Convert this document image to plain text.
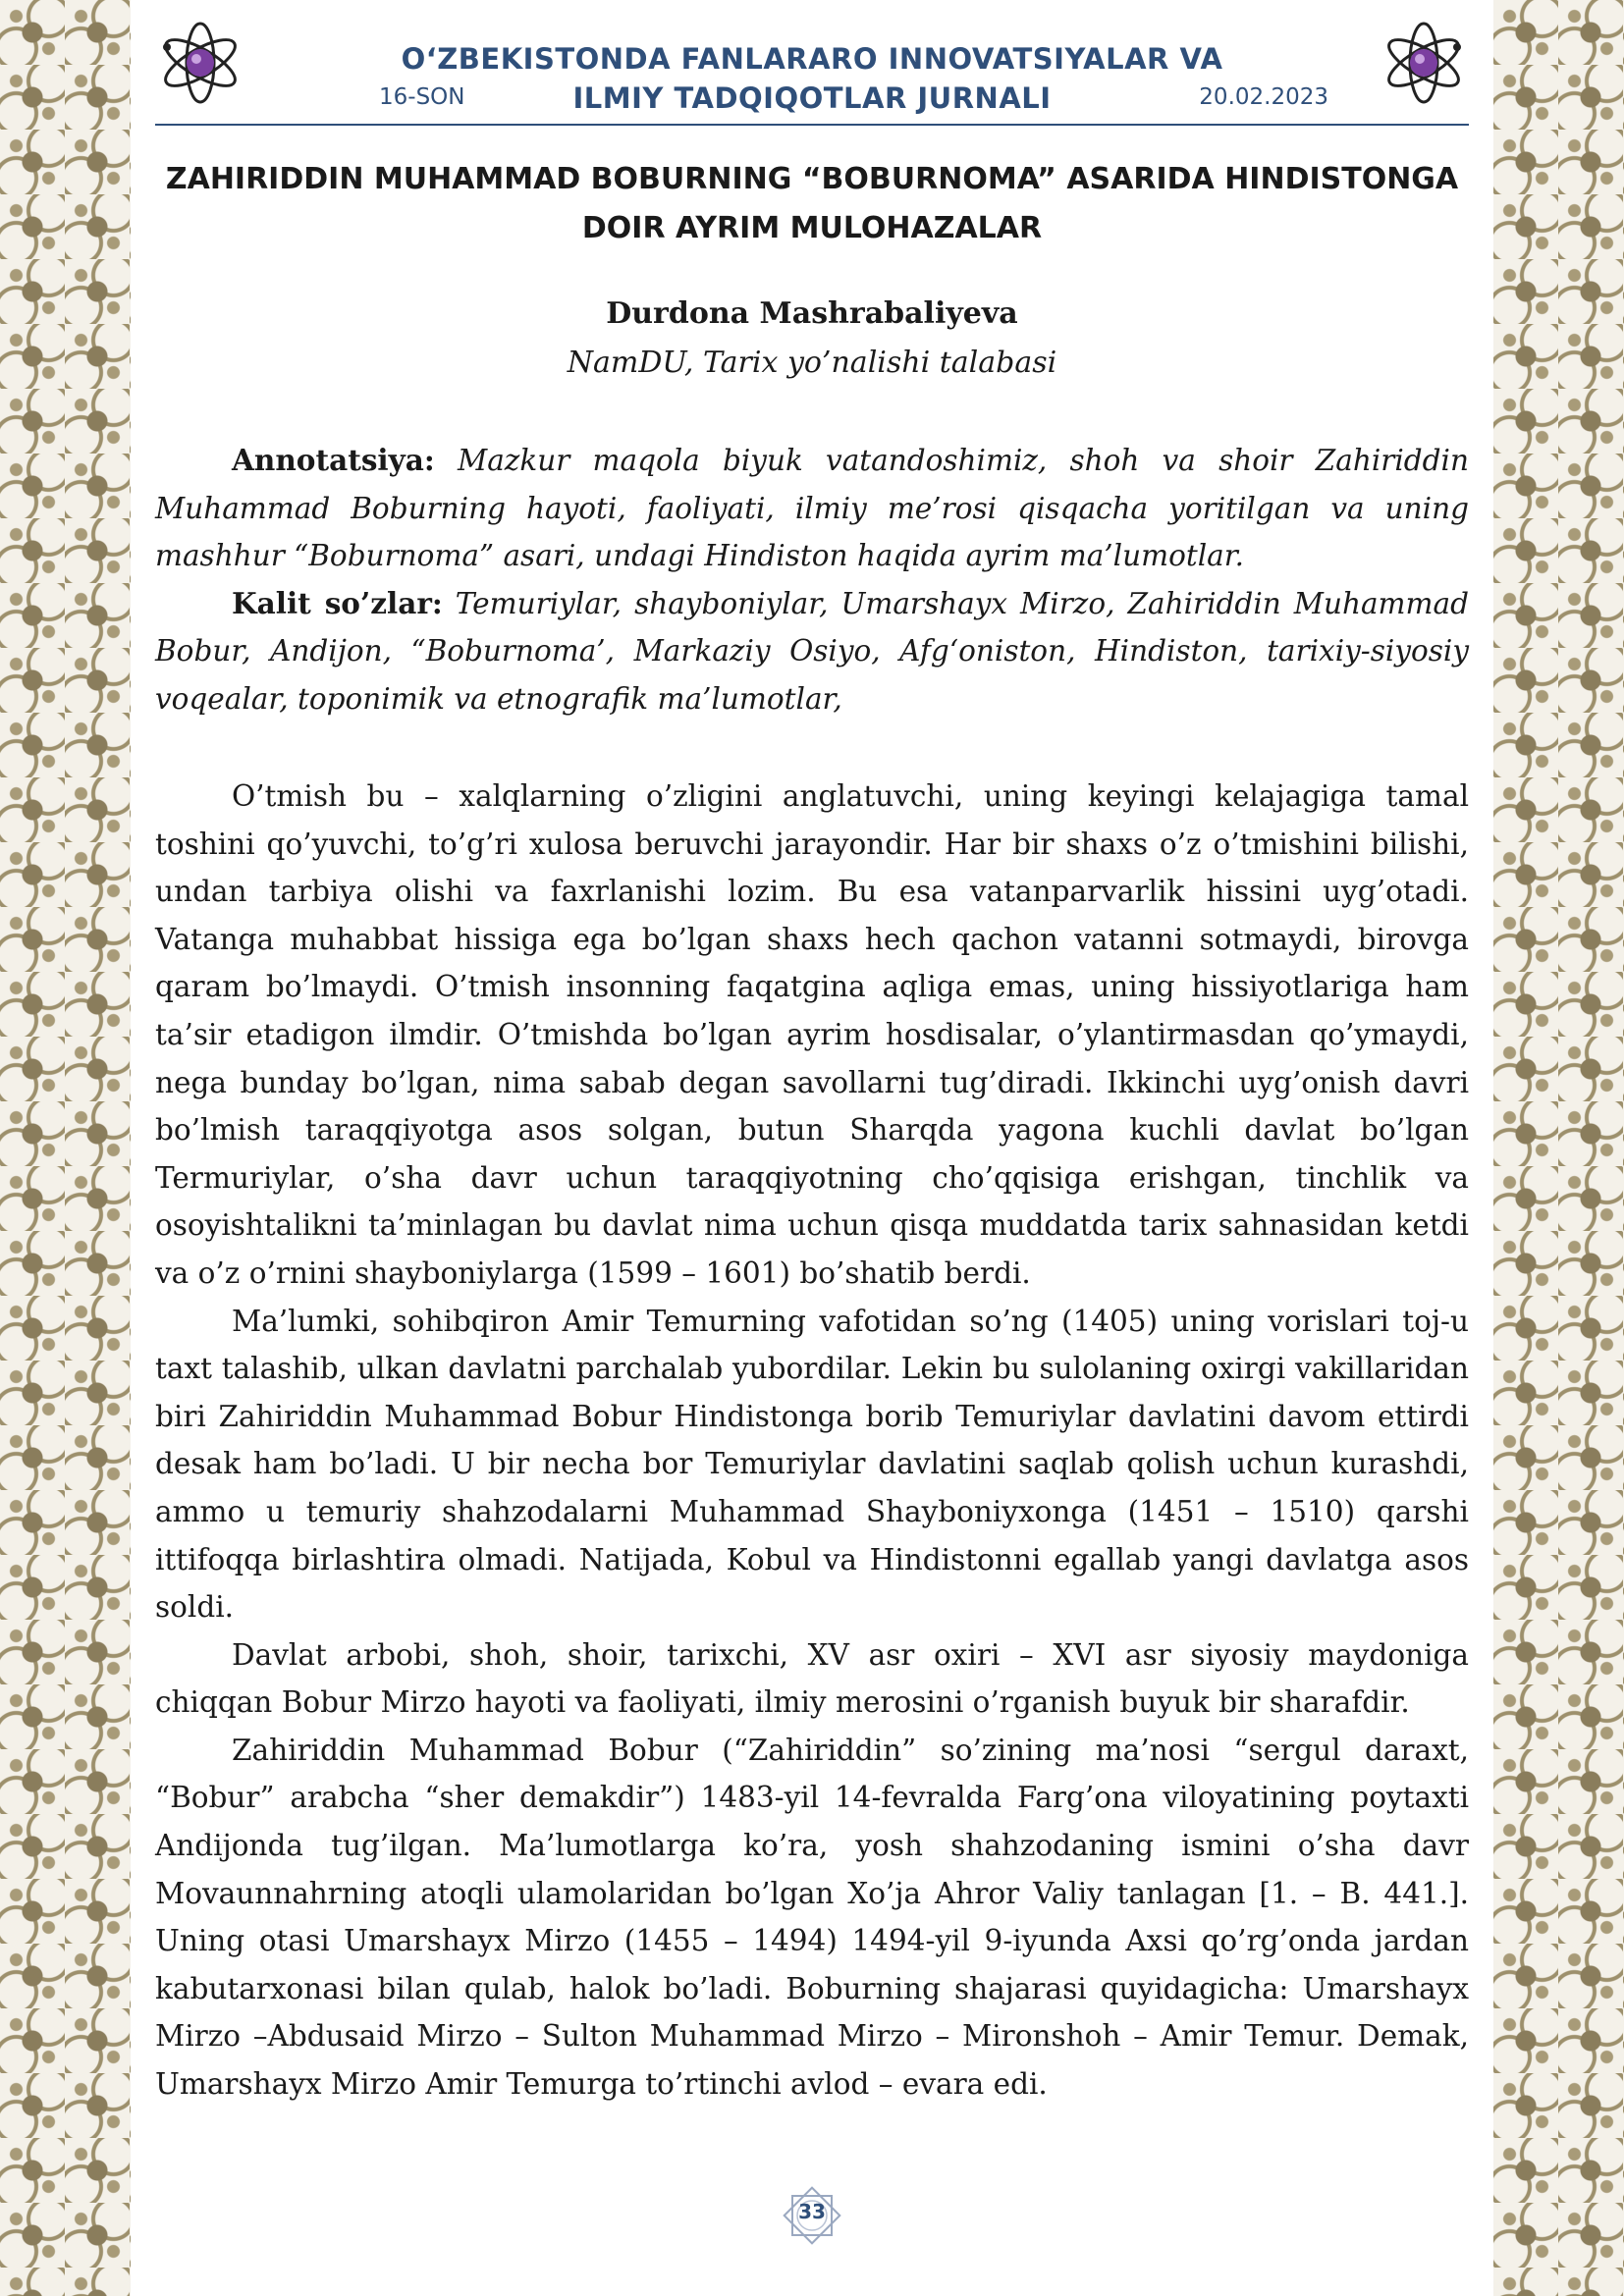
O‘ZBEKISTONDA FANLARARO INNOVATSIYALAR VA
ILMIY TADQIQOTLAR JURNALI
16-SON	20.02.2023
ZAHIRIDDIN MUHAMMAD BOBURNING “BOBURNOMA” ASARIDA HINDISTONGA DOIR AYRIM MULOHAZALAR
Durdona Mashrabaliyeva
NamDU, Tarix yo’nalishi talabasi

Annotatsiya: Mazkur maqola biyuk vatandoshimiz, shoh va shoir Zahiriddin Muhammad Boburning hayoti, faoliyati, ilmiy me’rosi qisqacha yoritilgan va uning mashhur “Boburnoma” asari, undagi Hindiston haqida ayrim ma’lumotlar.

Kalit so’zlar: Temuriylar, shayboniylar, Umarshayx Mirzo, Zahiriddin Muhammad Bobur, Andijon, “Boburnoma’, Markaziy Osiyo, Afg‘oniston, Hindiston, tarixiy-siyosiy voqealar, toponimik va etnografik ma’lumotlar,

O’tmish bu – xalqlarning o’zligini anglatuvchi, uning keyingi kelajagiga tamal toshini qo’yuvchi, to’g’ri xulosa beruvchi jarayondir. Har bir shaxs o’z o’tmishini bilishi, undan tarbiya olishi va faxrlanishi lozim. Bu esa vatanparvarlik hissini uyg’otadi. Vatanga muhabbat hissiga ega bo’lgan shaxs hech qachon vatanni sotmaydi, birovga qaram bo’lmaydi. O’tmish insonning faqatgina aqliga emas, uning hissiyotlariga ham ta’sir etadigon ilmdir. O’tmishda bo’lgan ayrim hosdisalar, o’ylantirmasdan qo’ymaydi, nega bunday bo’lgan, nima sabab degan savollarni tug’diradi. Ikkinchi uyg’onish davri bo’lmish taraqqiyotga asos solgan, butun Sharqda yagona kuchli davlat bo’lgan Termuriylar, o’sha davr uchun taraqqiyotning cho’qqisiga erishgan, tinchlik va osoyishtalikni ta’minlagan bu davlat nima uchun qisqa muddatda tarix sahnasidan ketdi va o’z o’rnini shayboniylarga (1599 – 1601) bo’shatib berdi.

Ma’lumki, sohibqiron Amir Temurning vafotidan so’ng (1405) uning vorislari toj-u taxt talashib, ulkan davlatni parchalab yubordilar. Lekin bu sulolaning oxirgi vakillaridan biri Zahiriddin Muhammad Bobur Hindistonga borib Temuriylar davlatini davom ettirdi desak ham bo’ladi. U bir necha bor Temuriylar davlatini saqlab qolish uchun kurashdi, ammo u temuriy shahzodalarni Muhammad Shayboniyxonga (1451 – 1510) qarshi ittifoqqa birlashtira olmadi. Natijada, Kobul va Hindistonni egallab yangi davlatga asos soldi.

Davlat arbobi, shoh, shoir, tarixchi, XV asr oxiri – XVI asr siyosiy maydoniga chiqqan Bobur Mirzo hayoti va faoliyati, ilmiy merosini o’rganish buyuk bir sharafdir.

Zahiriddin Muhammad Bobur (“Zahiriddin” so’zining ma’nosi “sergul daraxt, “Bobur” arabcha “sher demakdir”) 1483-yil 14-fevralda Farg’ona viloyatining poytaxti Andijonda tug’ilgan. Ma’lumotlarga ko’ra, yosh shahzodaning ismini o’sha davr Movaunnahrning atoqli ulamolaridan bo’lgan Xo’ja Ahror Valiy tanlagan [1. – B. 441.]. Uning otasi Umarshayx Mirzo (1455 – 1494) 1494-yil 9-iyunda Axsi qo’rg’onda jardan kabutarxonasi bilan qulab, halok bo’ladi. Boburning shajarasi quyidagicha: Umarshayx Mirzo –Abdusaid Mirzo – Sulton Muhammad Mirzo – Mironshoh – Amir Temur. Demak, Umarshayx Mirzo Amir Temurga to’rtinchi avlod – evara edi.

33
